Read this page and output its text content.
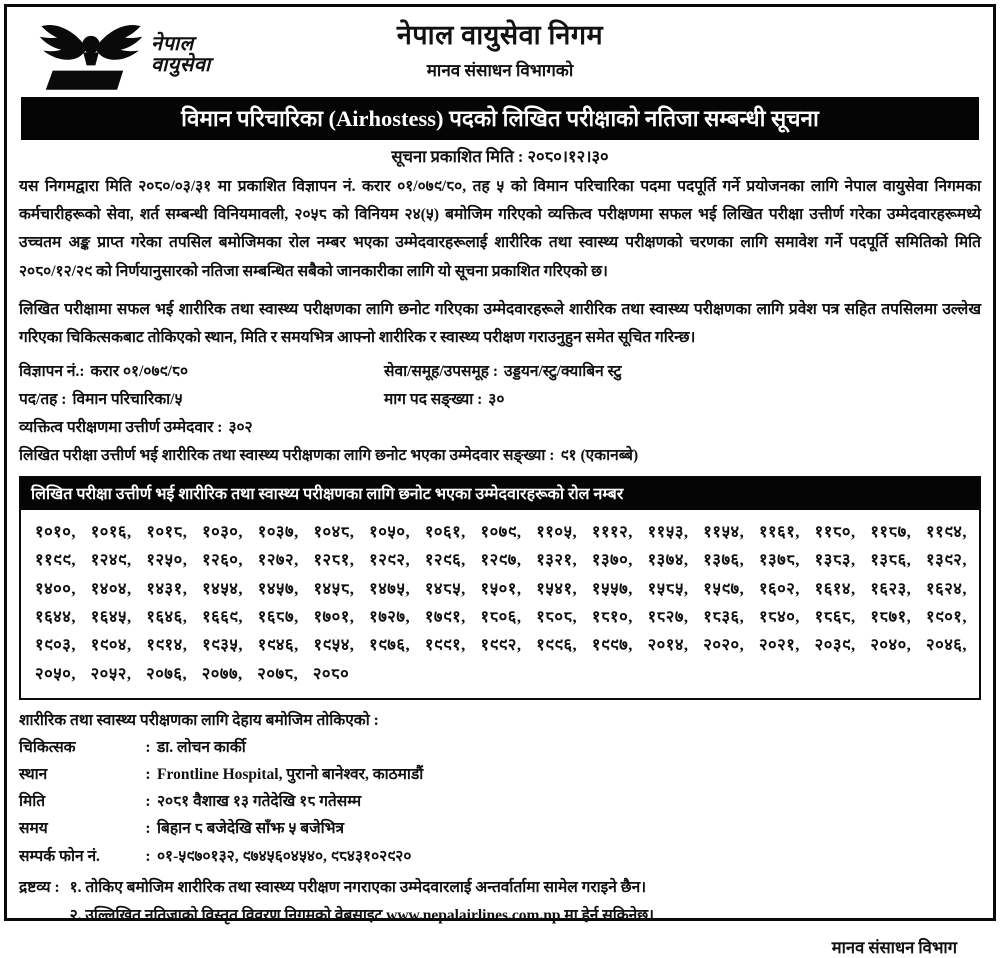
नेपाल
वायुसेवा
नेपाल वायुसेवा निगम
मानव संसाधन विभागको
विमान परिचारिका (Airhostess) पदको लिखित परीक्षाको नतिजा सम्बन्धी सूचना
सूचना प्रकाशित मिति : २०८०।१२।३०

यस निगमद्वारा मिति २०८०/०३/३१ मा प्रकाशित विज्ञापन नं. करार ०१/०७९/८०, तह ५ को विमान परिचारिका पदमा पदपूर्ति गर्ने प्रयोजनका लागि नेपाल वायुसेवा निगमका कर्मचारीहरूको सेवा, शर्त सम्बन्धी विनियमावली, २०५८ को विनियम २४(५) बमोजिम गरिएको व्यक्तित्व परीक्षणमा सफल भई लिखित परीक्षा उत्तीर्ण गरेका उम्मेदवारहरूमध्ये उच्चतम अङ्क प्राप्त गरेका तपसिल बमोजिमका रोल नम्बर भएका उम्मेदवारहरूलाई शारीरिक तथा स्वास्थ्य परीक्षणको चरणका लागि समावेश गर्ने पदपूर्ति समितिको मिति २०८०/१२/२९ को निर्णयानुसारको नतिजा सम्बन्धित सबैको जानकारीका लागि यो सूचना प्रकाशित गरिएको छ।

लिखित परीक्षामा सफल भई शारीरिक तथा स्वास्थ्य परीक्षणका लागि छनोट गरिएका उम्मेदवारहरूले शारीरिक तथा स्वास्थ्य परीक्षणका लागि प्रवेश पत्र सहित तपसिलमा उल्लेख गरिएका चिकित्सकबाट तोकिएको स्थान, मिति र समयभित्र आफ्नो शारीरिक र स्वास्थ्य परीक्षण गराउनुहुन समेत सूचित गरिन्छ।

विज्ञापन नं.: करार ०१/०७९/८०	सेवा/समूह/उपसमूह : उड्डयन/स्टु/क्याबिन स्टु
पद/तह : विमान परिचारिका/५	माग पद सङ्ख्या : ३०
व्यक्तित्व परीक्षणमा उत्तीर्ण उम्मेदवार : ३०२
लिखित परीक्षा उत्तीर्ण भई शारीरिक तथा स्वास्थ्य परीक्षणका लागि छनोट भएका उम्मेदवार सङ्ख्या : ९१ (एकानब्बे)
लिखित परीक्षा उत्तीर्ण भई शारीरिक तथा स्वास्थ्य परीक्षणका लागि छनोट भएका उम्मेदवारहरूको रोल नम्बर
१०१०, १०१६, १०१८, १०३०, १०३७, १०४८, १०५०, १०६१, १०७९, ११०५, १११२, ११५३, ११५४, ११६१, ११८०, ११८७, ११९४, ११९९, १२४९, १२५०, १२६०, १२७२, १२८१, १२९२, १२९६, १२९७, १३२१, १३७०, १३७४, १३७६, १३७८, १३८३, १३८६, १३९२, १४००, १४०४, १४३१, १४५४, १४५७, १४५८, १४७५, १४८५, १५०१, १५४१, १५५७, १५८५, १५९७, १६०२, १६१४, १६२३, १६२४, १६४४, १६४५, १६४६, १६६९, १६८७, १७०१, १७२७, १७९१, १८०६, १८०८, १८१०, १८२७, १८३६, १८४०, १८६८, १८७१, १९०१, १९०३, १९०४, १९१४, १९३५, १९४६, १९५४, १९७६, १९९१, १९९२, १९९६, १९९७, २०१४, २०२०, २०२१, २०३९, २०४०, २०४६, २०५०, २०५२, २०७६, २०७७, २०७८, २०८०
शारीरिक तथा स्वास्थ्य परीक्षणका लागि देहाय बमोजिम तोकिएको :
चिकित्सक	: डा. लोचन कार्की
स्थान	: Frontline Hospital, पुरानो बानेश्वर, काठमाडौं
मिति	: २०८१ वैशाख १३ गतेदेखि १८ गतेसम्म
समय	: बिहान ८ बजेदेखि साँझ ५ बजेभित्र
सम्पर्क फोन नं.	: ०१-५९७०१३२, ९७४५६०४५४०, ९८४३१०२९२०
द्रष्टव्य : १. तोकिए बमोजिम शारीरिक तथा स्वास्थ्य परीक्षण नगराएका उम्मेदवारलाई अन्तर्वार्तामा सामेल गराइने छैन।

२. उल्लिखित नतिजाको विस्तृत विवरण निगमको वेबसाइट www.nepalairlines.com.np मा हेर्न सकिनेछ।

मानव संसाधन विभाग
